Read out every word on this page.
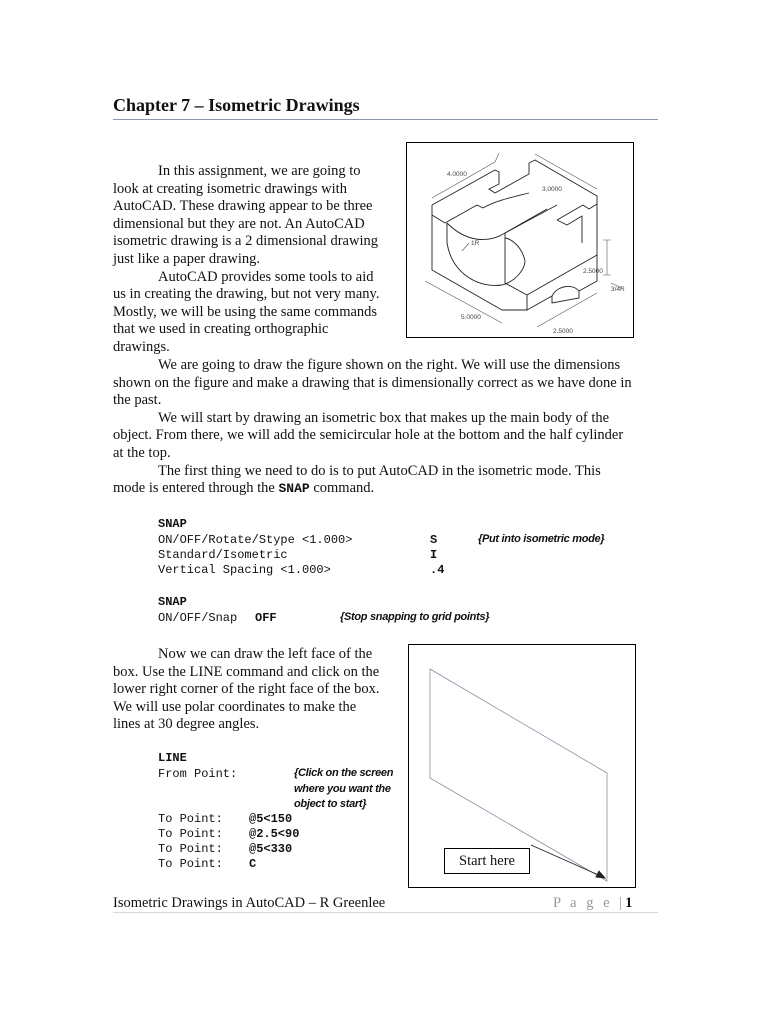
Chapter 7 – Isometric Drawings
In this assignment, we are going to
look at creating isometric drawings with
AutoCAD. These drawing appear to be three
dimensional but they are not. An AutoCAD
isometric drawing is a 2 dimensional drawing
just like a paper drawing.
AutoCAD provides some tools to aid
us in creating the drawing, but not very many.
Mostly, we will be using the same commands
that we used in creating orthographic
drawings.
4.0000
3.0000
1R
2.5000
3/4R
5.0000
2.5000
We are going to draw the figure shown on the right. We will use the dimensions
shown on the figure and make a drawing that is dimensionally correct as we have done in
the past.
We will start by drawing an isometric box that makes up the main body of the
object. From there, we will add the semicircular hole at the bottom and the half cylinder
at the top.
The first thing we need to do is to put AutoCAD in the isometric mode. This
mode is entered through the SNAP command.
SNAP
ON/OFF/Rotate/Stype <1.000>	S	{Put into isometric mode}
Standard/Isometric	I
Vertical Spacing <1.000>	.4
SNAP
ON/OFF/Snap OFF	{Stop snapping to grid points}
Now we can draw the left face of the
box. Use the LINE command and click on the
lower right corner of the right face of the box.
We will use polar coordinates to make the
lines at 30 degree angles.
LINE
From Point:	{Click on the screen
where you want the
object to start}
To Point: @5<150
To Point: @2.5<90
To Point: @5<330
To Point: C	Start here
Isometric Drawings in AutoCAD – R Greenlee	P a g e |1
